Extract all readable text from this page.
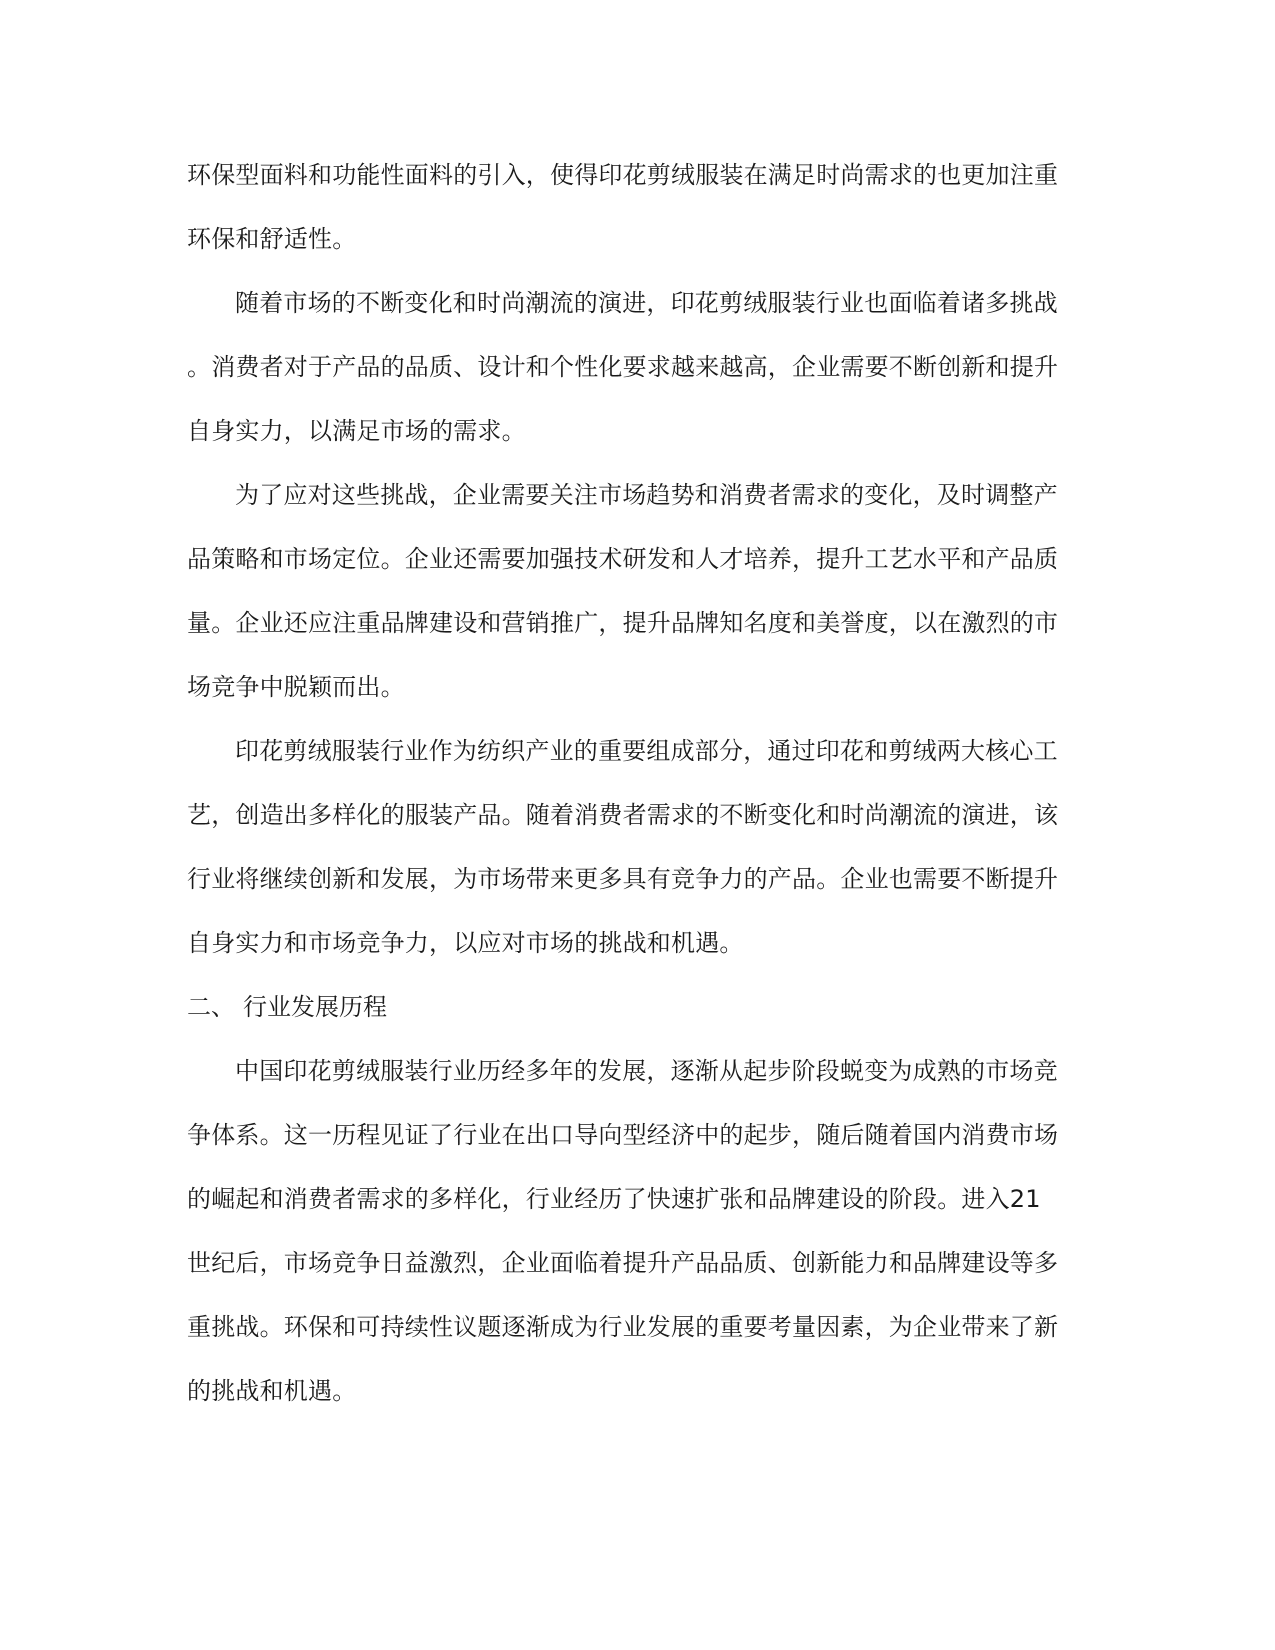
环保型面料和功能性面料的引入，使得印花剪绒服装在满足时尚需求的也更加注重
环保和舒适性。
随着市场的不断变化和时尚潮流的演进，印花剪绒服装行业也面临着诸多挑战
。消费者对于产品的品质、设计和个性化要求越来越高，企业需要不断创新和提升
自身实力，以满足市场的需求。
为了应对这些挑战，企业需要关注市场趋势和消费者需求的变化，及时调整产
品策略和市场定位。企业还需要加强技术研发和人才培养，提升工艺水平和产品质
量。企业还应注重品牌建设和营销推广，提升品牌知名度和美誉度，以在激烈的市
场竞争中脱颖而出。
印花剪绒服装行业作为纺织产业的重要组成部分，通过印花和剪绒两大核心工
艺，创造出多样化的服装产品。随着消费者需求的不断变化和时尚潮流的演进，该
行业将继续创新和发展，为市场带来更多具有竞争力的产品。企业也需要不断提升
自身实力和市场竞争力，以应对市场的挑战和机遇。
二、 行业发展历程
中国印花剪绒服装行业历经多年的发展，逐渐从起步阶段蜕变为成熟的市场竞
争体系。这一历程见证了行业在出口导向型经济中的起步，随后随着国内消费市场
的崛起和消费者需求的多样化，行业经历了快速扩张和品牌建设的阶段。进入21
世纪后，市场竞争日益激烈，企业面临着提升产品品质、创新能力和品牌建设等多
重挑战。环保和可持续性议题逐渐成为行业发展的重要考量因素，为企业带来了新
的挑战和机遇。
